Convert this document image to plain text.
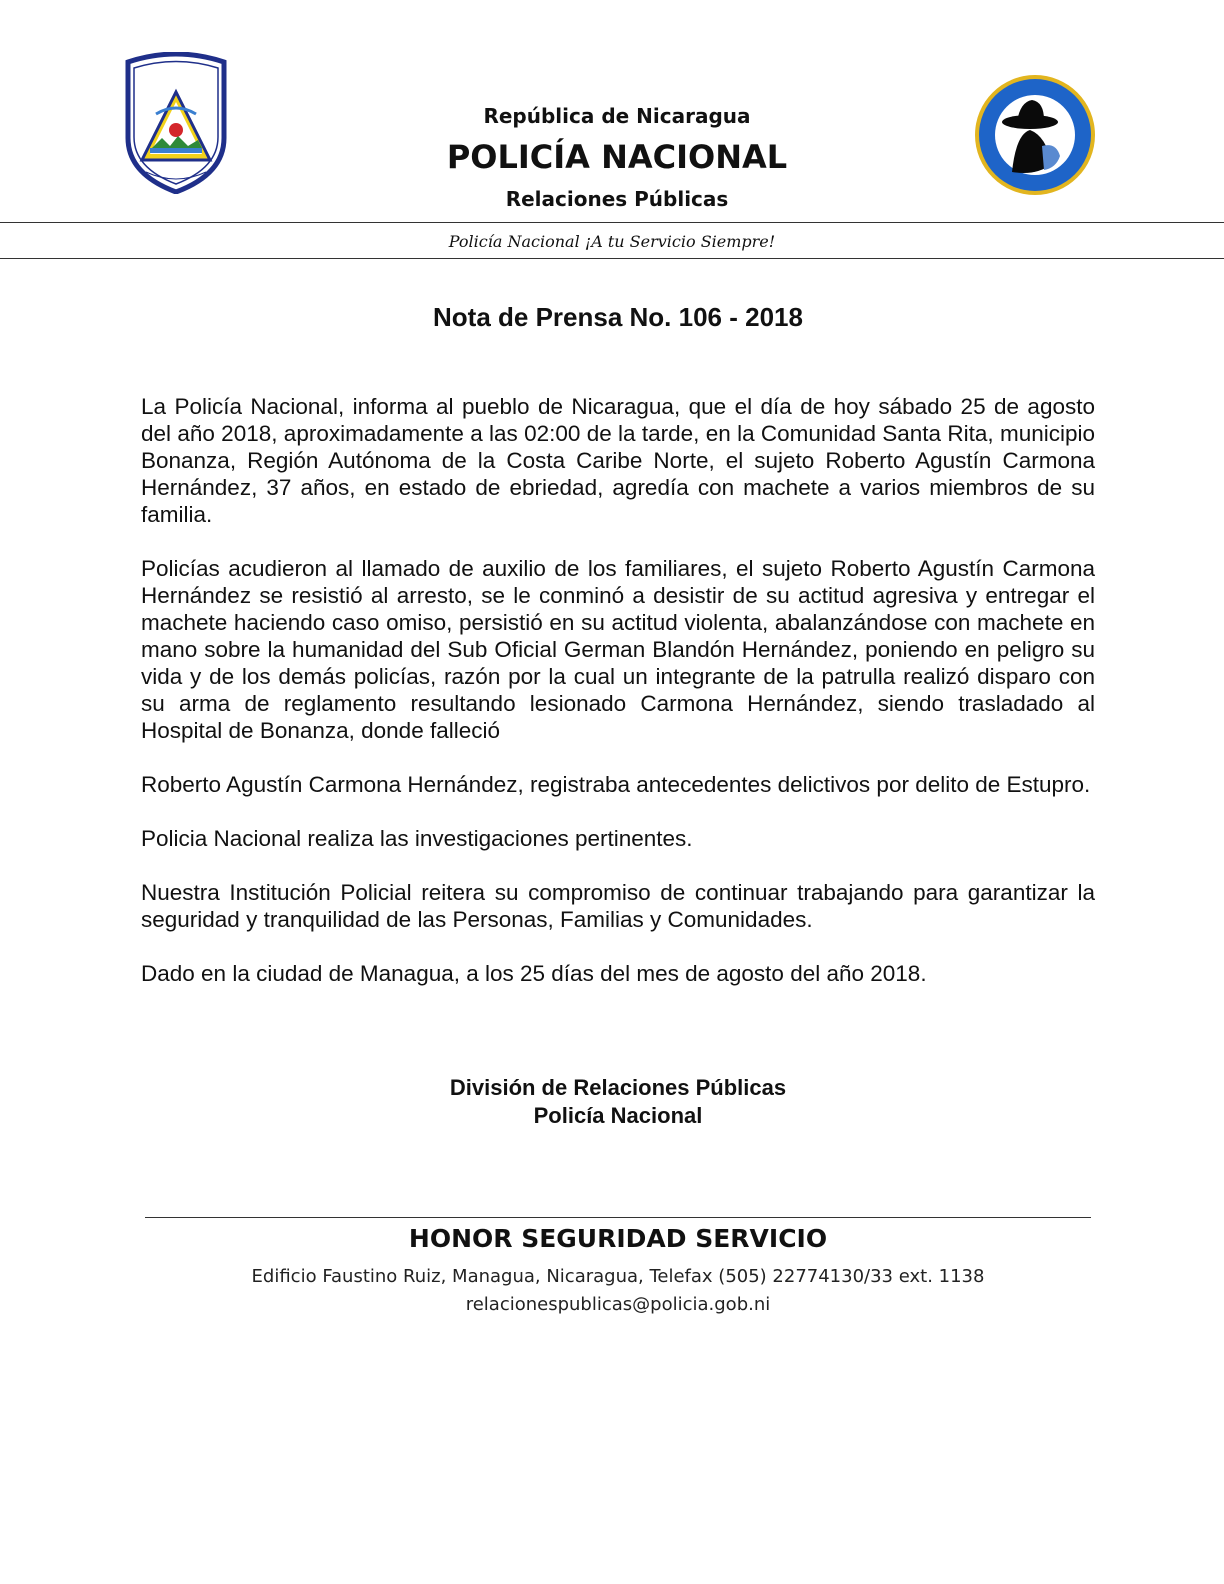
República de Nicaragua
POLICÍA NACIONAL
Relaciones Públicas
Policía Nacional ¡A tu Servicio Siempre!
Nota de Prensa No. 106 - 2018

La Policía Nacional, informa al pueblo de Nicaragua, que el día de hoy sábado 25 de agosto del año 2018, aproximadamente a las 02:00 de la tarde, en la Comunidad Santa Rita, municipio Bonanza, Región Autónoma de la Costa Caribe Norte, el sujeto Roberto Agustín Carmona Hernández, 37 años, en estado de ebriedad, agredía con machete a varios miembros de su familia.

Policías acudieron al llamado de auxilio de los familiares, el sujeto Roberto Agustín Carmona Hernández se resistió al arresto, se le conminó a desistir de su actitud agresiva y entregar el machete haciendo caso omiso, persistió en su actitud violenta, abalanzándose con machete en mano sobre la humanidad del Sub Oficial German Blandón Hernández, poniendo en peligro su vida y de los demás policías, razón por la cual un integrante de la patrulla realizó disparo con su arma de reglamento resultando lesionado Carmona Hernández, siendo trasladado al Hospital de Bonanza, donde falleció

Roberto Agustín Carmona Hernández, registraba antecedentes delictivos por delito de Estupro.

Policia Nacional realiza las investigaciones pertinentes.

Nuestra Institución Policial reitera su compromiso de continuar trabajando para garantizar la seguridad y tranquilidad de las Personas, Familias y Comunidades.

Dado en la ciudad de Managua, a los 25 días del mes de agosto del año 2018.

División de Relaciones Públicas
Policía Nacional
HONOR SEGURIDAD SERVICIO
Edificio Faustino Ruiz, Managua, Nicaragua, Telefax (505) 22774130/33 ext. 1138
relacionespublicas@policia.gob.ni
